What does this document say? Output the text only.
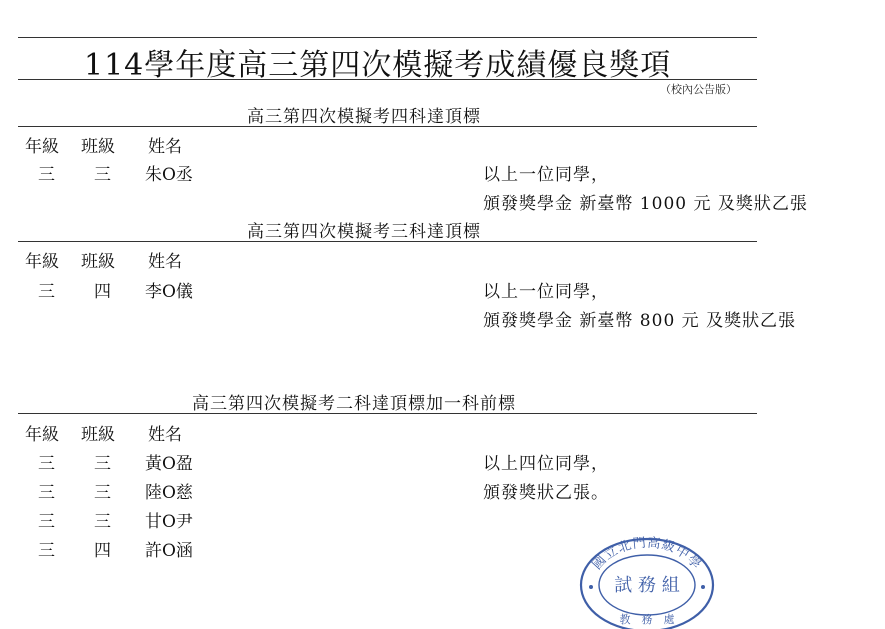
114學年度高三第四次模擬考成績優良獎項
（校內公告版）
高三第四次模擬考四科達頂標
年級 班級 姓名
三 三 朱O丞	以上一位同學，
頒發獎學金 新臺幣 1000 元 及獎狀乙張
高三第四次模擬考三科達頂標
年級 班級 姓名
三 四 李O儀	以上一位同學，
頒發獎學金 新臺幣 800 元 及獎狀乙張
高三第四次模擬考二科達頂標加一科前標
年級 班級 姓名
三 三 黃O盈
三 三 陸O慈
三 三 甘O尹
三 四 許O涵
以上四位同學，
頒發獎狀乙張。
國立北門高級中學
試 務 組
教　務　處
